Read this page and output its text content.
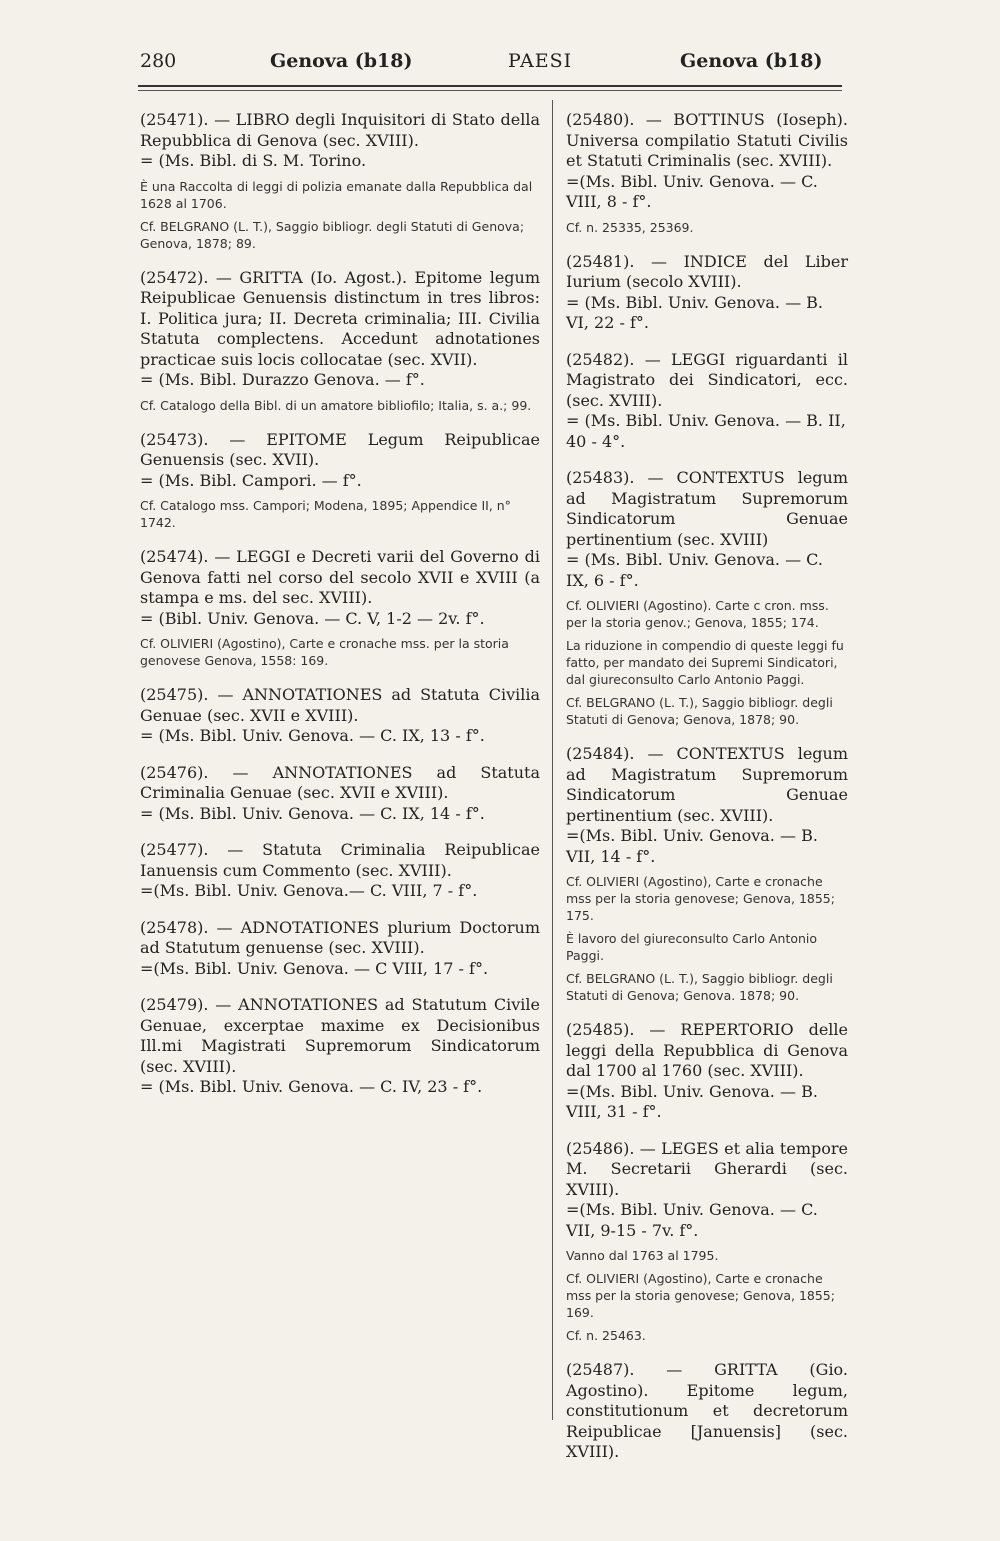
280	Genova (b18)	PAESI	Genova (b18)
(25471). — LIBRO degli Inquisitori di Stato della Repubblica di Genova (sec. XVIII).
= (Ms. Bibl. di S. M. Torino.
È una Raccolta di leggi di polizia emanate dalla Repubblica dal 1628 al 1706.
Cf. BELGRANO (L. T.), Saggio bibliogr. degli Statuti di Genova; Genova, 1878; 89.
(25472). — GRITTA (Io. Agost.). Epitome legum Reipublicae Genuensis distinctum in tres libros: I. Politica jura; II. Decreta criminalia; III. Civilia Statuta complectens. Accedunt adnotationes practicae suis locis collocatae (sec. XVII).
= (Ms. Bibl. Durazzo Genova. — f°.
Cf. Catalogo della Bibl. di un amatore bibliofilo; Italia, s. a.; 99.
(25473). — EPITOME Legum Reipublicae Genuensis (sec. XVII).
= (Ms. Bibl. Campori. — f°.
Cf. Catalogo mss. Campori; Modena, 1895; Appendice II, n° 1742.
(25474). — LEGGI e Decreti varii del Governo di Genova fatti nel corso del secolo XVII e XVIII (a stampa e ms. del sec. XVIII).
= (Bibl. Univ. Genova. — C. V, 1-2 — 2v. f°.
Cf. OLIVIERI (Agostino), Carte e cronache mss. per la storia genovese Genova, 1558: 169.
(25475). — ANNOTATIONES ad Statuta Civilia Genuae (sec. XVII e XVIII).
= (Ms. Bibl. Univ. Genova. — C. IX, 13 - f°.
(25476). — ANNOTATIONES ad Statuta Criminalia Genuae (sec. XVII e XVIII).
= (Ms. Bibl. Univ. Genova. — C. IX, 14 - f°.
(25477). — Statuta Criminalia Reipublicae Ianuensis cum Commento (sec. XVIII).
=(Ms. Bibl. Univ. Genova.— C. VIII, 7 - f°.
(25478). — ADNOTATIONES plurium Doctorum ad Statutum genuense (sec. XVIII).
=(Ms. Bibl. Univ. Genova. — C VIII, 17 - f°.
(25479). — ANNOTATIONES ad Statutum Civile Genuae, excerptae maxime ex Decisionibus Ill.mi Magistrati Supremorum Sindicatorum (sec. XVIII).
= (Ms. Bibl. Univ. Genova. — C. IV, 23 - f°.
(25480). — BOTTINUS (Ioseph). Universa compilatio Statuti Civilis et Statuti Criminalis (sec. XVIII).
=(Ms. Bibl. Univ. Genova. — C. VIII, 8 - f°.
Cf. n. 25335, 25369.
(25481). — INDICE del Liber Iurium (secolo XVIII).
= (Ms. Bibl. Univ. Genova. — B. VI, 22 - f°.
(25482). — LEGGI riguardanti il Magistrato dei Sindicatori, ecc. (sec. XVIII).
= (Ms. Bibl. Univ. Genova. — B. II, 40 - 4°.
(25483). — CONTEXTUS legum ad Magistratum Supremorum Sindicatorum Genuae pertinentium (sec. XVIII)
= (Ms. Bibl. Univ. Genova. — C. IX, 6 - f°.
Cf. OLIVIERI (Agostino). Carte c cron. mss. per la storia genov.; Genova, 1855; 174.
La riduzione in compendio di queste leggi fu fatto, per mandato dei Supremi Sindicatori, dal giureconsulto Carlo Antonio Paggi.
Cf. BELGRANO (L. T.), Saggio bibliogr. degli Statuti di Genova; Genova, 1878; 90.
(25484). — CONTEXTUS legum ad Magistratum Supremorum Sindicatorum Genuae pertinentium (sec. XVIII).
=(Ms. Bibl. Univ. Genova. — B. VII, 14 - f°.
Cf. OLIVIERI (Agostino), Carte e cronache mss per la storia genovese; Genova, 1855; 175.
È lavoro del giureconsulto Carlo Antonio Paggi.
Cf. BELGRANO (L. T.), Saggio bibliogr. degli Statuti di Genova; Genova. 1878; 90.
(25485). — REPERTORIO delle leggi della Repubblica di Genova dal 1700 al 1760 (sec. XVIII).
=(Ms. Bibl. Univ. Genova. — B. VIII, 31 - f°.
(25486). — LEGES et alia tempore M. Secretarii Gherardi (sec. XVIII).
=(Ms. Bibl. Univ. Genova. — C. VII, 9-15 - 7v. f°.
Vanno dal 1763 al 1795.
Cf. OLIVIERI (Agostino), Carte e cronache mss per la storia genovese; Genova, 1855; 169.
Cf. n. 25463.
(25487). — GRITTA (Gio. Agostino). Epitome legum, constitutionum et decretorum Reipublicae [Januensis] (sec. XVIII).
